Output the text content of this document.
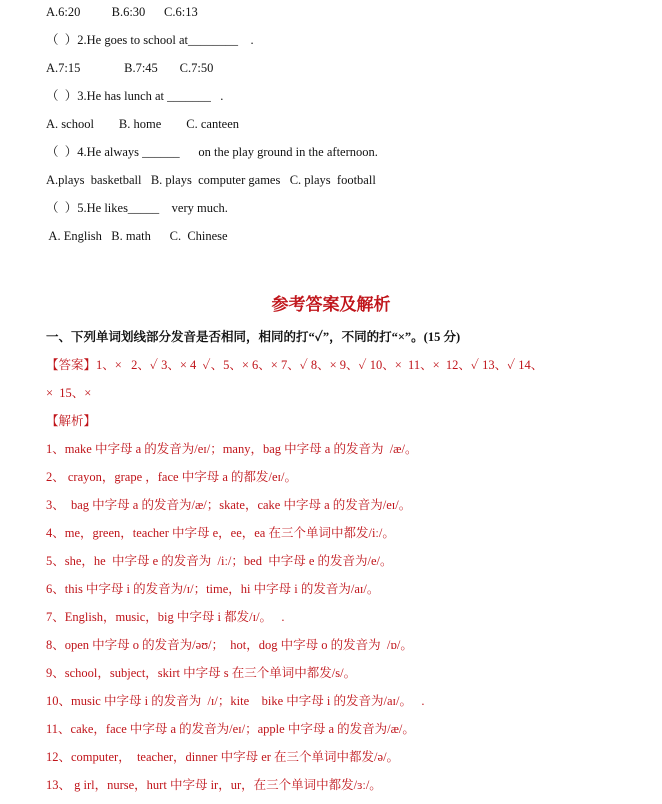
A.6:20          B.6:30      C.6:13
（  ）2.He goes to school at________    .
A.7:15              B.7:45       C.7:50
（  ）3.He has lunch at _______   .
A. school        B. home        C. canteen
（  ）4.He always ______      on the play ground in the afternoon.
A.plays  basketball   B. plays  computer games   C. plays  football
（  ）5.He likes_____    very much.
A. English   B. math      C.  Chinese
参考答案及解析
一、下列单词划线部分发音是否相同，相同的打“✓”，不同的打“×”。(15 分)
【答案】1、×   2、✓ 3、× 4  ✓、5、× 6、× 7、✓ 8、× 9、✓ 10、×  11、×  12、✓ 13、✓ 14、
×  15、×
【解析】
1、make 中字母 a 的发音为/eɪ/；many，bag 中字母 a 的发音为  /æ/。
2、 crayon，grape ，face 中字母 a 的都发/eɪ/。
3、  bag 中字母 a 的发音为/æ/；skate，cake 中字母 a 的发音为/eɪ/。
4、me，green，teacher 中字母 e，ee，ea 在三个单词中都发/iː/。
5、she，he  中字母 e 的发音为  /iː/；bed  中字母 e 的发音为/e/。
6、this 中字母 i 的发音为/ɪ/；time，hi 中字母 i 的发音为/aɪ/。
7、English，music，big 中字母 i 都发/ɪ/。   .
8、open 中字母 o 的发音为/əʊ/；  hot，dog 中字母 o 的发音为  /ɒ/。
9、school，subject，skirt 中字母 s 在三个单词中都发/s/。
10、music 中字母 i 的发音为  /ɪ/；kite    bike 中字母 i 的发音为/aɪ/。   .
11、cake，face 中字母 a 的发音为/eɪ/；apple 中字母 a 的发音为/æ/。
12、computer，  teacher，dinner 中字母 er 在三个单词中都发/ə/。
13、 g irl，nurse，hurt 中字母 ir，ur，在三个单词中都发/ɜː/。
